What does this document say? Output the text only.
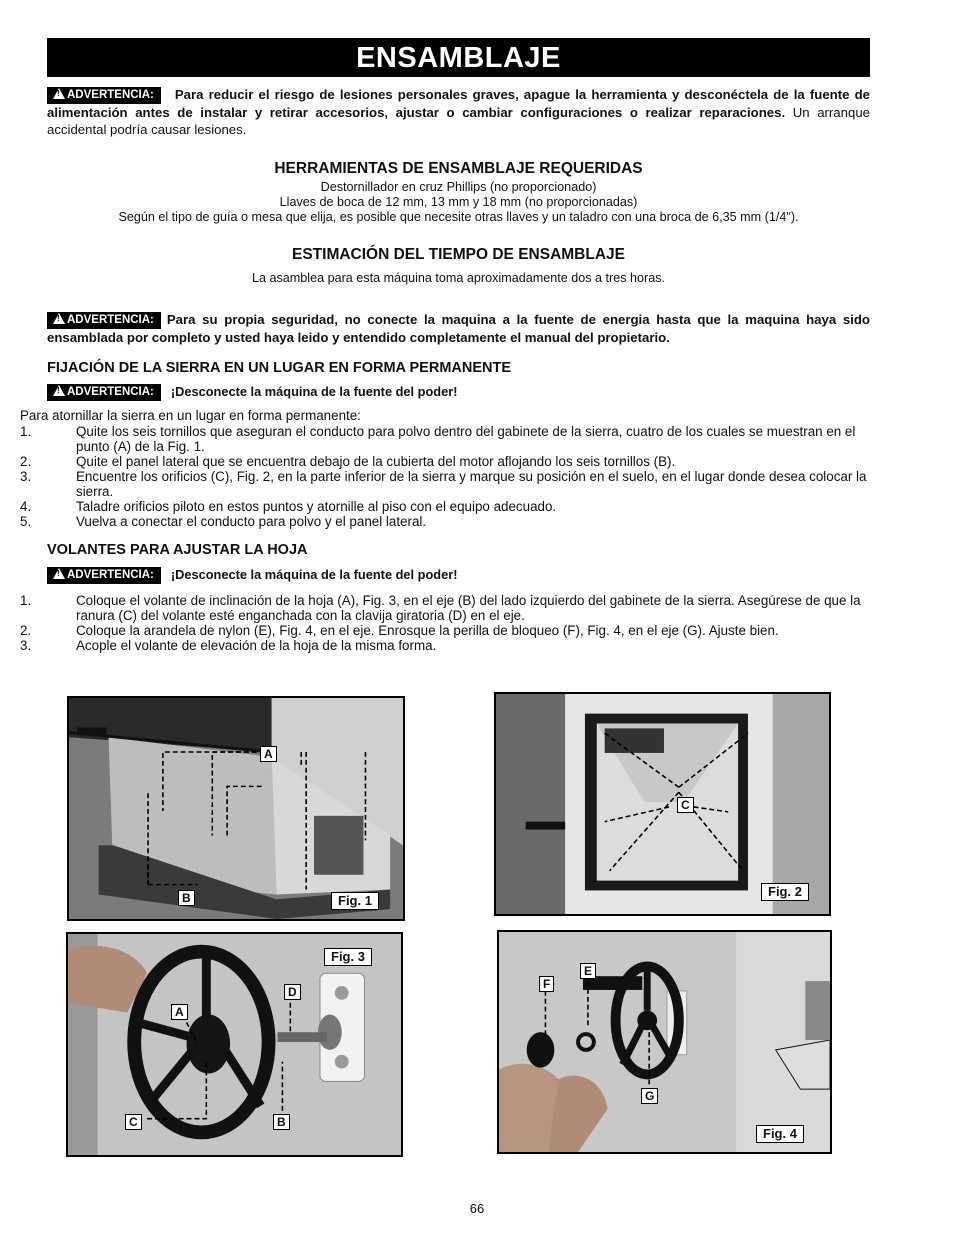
ENSAMBLAJE
!ADVERTENCIA: Para reducir el riesgo de lesiones personales graves, apague la herramienta y desconéctela de la fuente de alimentación antes de instalar y retirar accesorios, ajustar o cambiar configuraciones o realizar reparaciones. Un arranque accidental podría causar lesiones.
HERRAMIENTAS DE ENSAMBLAJE REQUERIDAS
Destornillador en cruz Phillips (no proporcionado)
Llaves de boca de 12 mm, 13 mm y 18 mm (no proporcionadas)
Según el tipo de guía o mesa que elija, es posible que necesite otras llaves y un taladro con una broca de 6,35 mm (1/4").
ESTIMACIÓN DEL TIEMPO DE ENSAMBLAJE
La asamblea para esta máquina toma aproximadamente dos a tres horas.
!ADVERTENCIA: Para su propia seguridad, no conecte la maquina a la fuente de energia hasta que la maquina haya sido ensamblada por completo y usted haya leido y entendido completamente el manual del propietario.
FIJACIÓN DE LA SIERRA EN UN LUGAR EN FORMA PERMANENTE
!ADVERTENCIA: ¡Desconecte la máquina de la fuente del poder!
Para atornillar la sierra en un lugar en forma permanente:
1.	Quite los seis tornillos que aseguran el conducto para polvo dentro del gabinete de la sierra, cuatro de los cuales se muestran en el punto (A) de la Fig. 1.
2.	Quite el panel lateral que se encuentra debajo de la cubierta del motor aflojando los seis tornillos (B).
3.	Encuentre los orificios (C), Fig. 2, en la parte inferior de la sierra y marque su posición en el suelo, en el lugar donde desea colocar la sierra.
4.	Taladre orificios piloto en estos puntos y atornille al piso con el equipo adecuado.
5.	Vuelva a conectar el conducto para polvo y el panel lateral.
VOLANTES PARA AJUSTAR LA HOJA
!ADVERTENCIA: ¡Desconecte la máquina de la fuente del poder!
1.	Coloque el volante de inclinación de la hoja (A), Fig. 3, en el eje (B) del lado izquierdo del gabinete de la sierra. Asegúrese de que la ranura (C) del volante esté enganchada con la clavija giratoria (D) en el eje.
2.	Coloque la arandela de nylon (E), Fig. 4, en el eje. Enrosque la perilla de bloqueo (F), Fig. 4, en el eje (G). Ajuste bien.
3.	Acople el volante de elevación de la hoja de la misma forma.
A
B	Fig. 1
C
Fig. 2
A
B
C
D
Fig. 3
E
F
G
Fig. 4
66
